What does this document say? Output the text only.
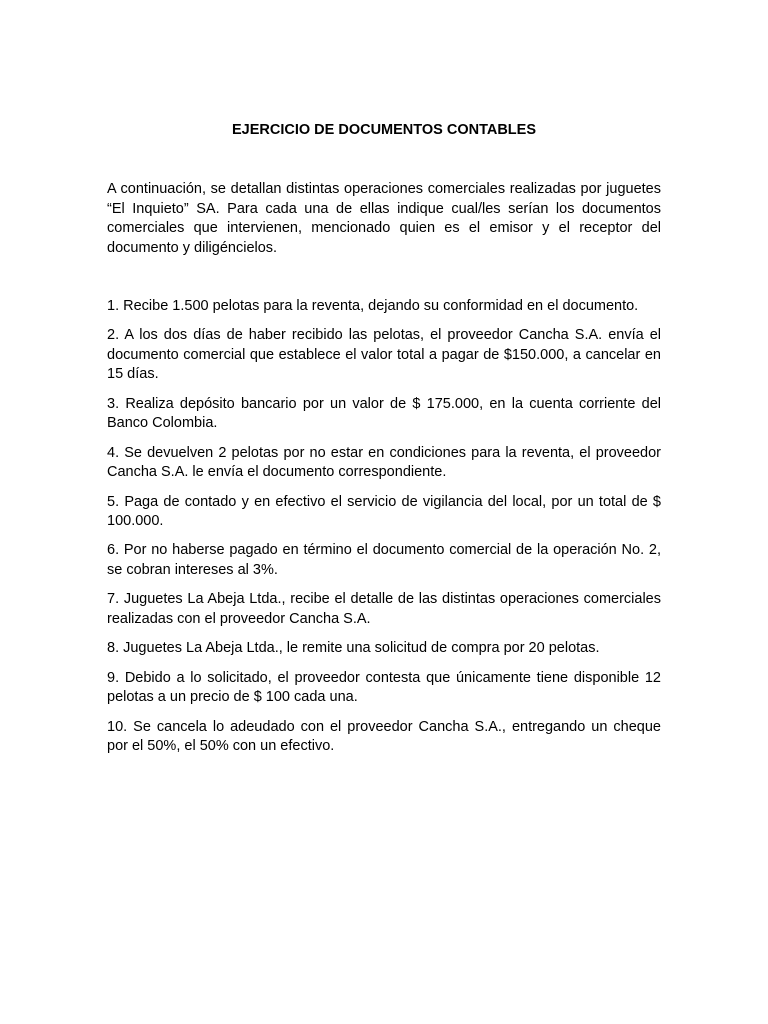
EJERCICIO DE DOCUMENTOS CONTABLES

A continuación, se detallan distintas operaciones comerciales realizadas por juguetes “El Inquieto” SA. Para cada una de ellas indique cual/les serían los documentos comerciales que intervienen, mencionado quien es el emisor y el receptor del documento y diligéncielos.

1. Recibe 1.500 pelotas para la reventa, dejando su conformidad en el documento.
2. A los dos días de haber recibido las pelotas, el proveedor Cancha S.A. envía el documento comercial que establece el valor total a pagar de $150.000, a cancelar en 15 días.
3. Realiza depósito bancario por un valor de $ 175.000, en la cuenta corriente del Banco Colombia.
4. Se devuelven 2 pelotas por no estar en condiciones para la reventa, el proveedor Cancha S.A. le envía el documento correspondiente.
5. Paga de contado y en efectivo el servicio de vigilancia del local, por un total de $ 100.000.
6. Por no haberse pagado en término el documento comercial de la operación No. 2, se cobran intereses al 3%.
7. Juguetes La Abeja Ltda., recibe el detalle de las distintas operaciones comerciales realizadas con el proveedor Cancha S.A.
8. Juguetes La Abeja Ltda., le remite una solicitud de compra por 20 pelotas.
9. Debido a lo solicitado, el proveedor contesta que únicamente tiene disponible 12 pelotas a un precio de $ 100 cada una.
10. Se cancela lo adeudado con el proveedor Cancha S.A., entregando un cheque por el 50%, el 50% con un efectivo.
